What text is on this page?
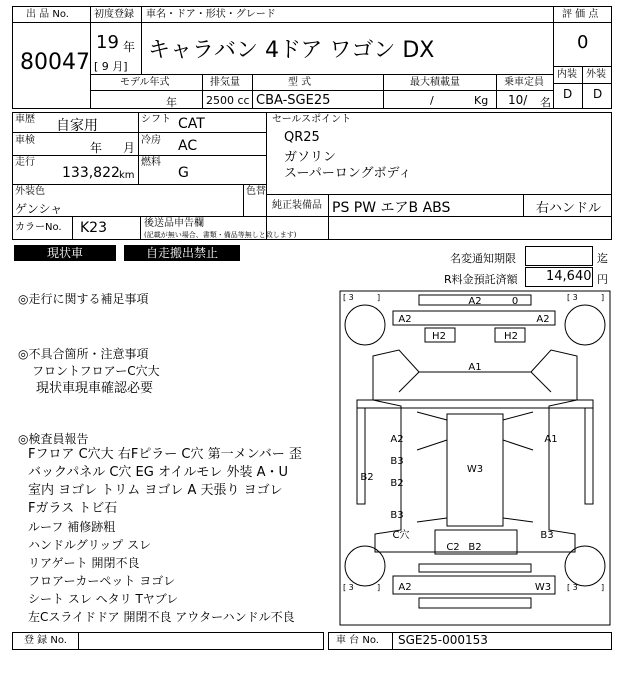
出 品 No.
80047
初度登録
19 年
[ 9 月]
車名・ドア・形状・グレード
キャラバン 4ドア ワゴン DX
評 価 点
0
内装 外装
D D
モデル年式
年
排気量
2500 cc
型 式
CBA-SGE25
最大積載量
/	Kg
乗車定員
10/ 名
車歴 自家用
車検
年 月
走行
133,822 km
シフト CAT
冷房 AC
燃料
G
セールスポイント
QR25
ガソリン
スーパーロングボディ
外装色
ゲンシャ
色替
純正装備品 PS PW エアB ABS	右ハンドル
カラーNo. K23	後送品申告欄
(記載が無い場合、書類・備品等無しと致します)
現状車	自走搬出禁止	名変通知期限	迄
R料金預託済額 14,640 円
◎走行に関する補足事項
◎不具合箇所・注意事項
フロントフロアーC穴大
現状車現車確認必要
◎検査員報告
Fフロア C穴大 右Fピラー C穴 第一メンバー 歪
バックパネル C穴 EG オイルモレ 外装 A・U
室内 ヨゴレ トリム ヨゴレ A 天張り ヨゴレ
Fガラス トビ石
ルーフ 補修跡粗
ハンドルグリップ スレ
リアゲート 開閉不良
フロアーカーペット ヨゴレ
シート スレ ヘタリ Tヤブレ
左Cスライドドア 開閉不良 アウターハンドル不良
[ 3	]	[ 3	]
[ 3	]	[ 3	]
A2	0
A2	A2
H2	H2
A1
A2	A1
W3
B2
B3
B2
B3
C穴	B3
C2 B2
A2	W3
登 録 No.	車 台 No. SGE25-000153
